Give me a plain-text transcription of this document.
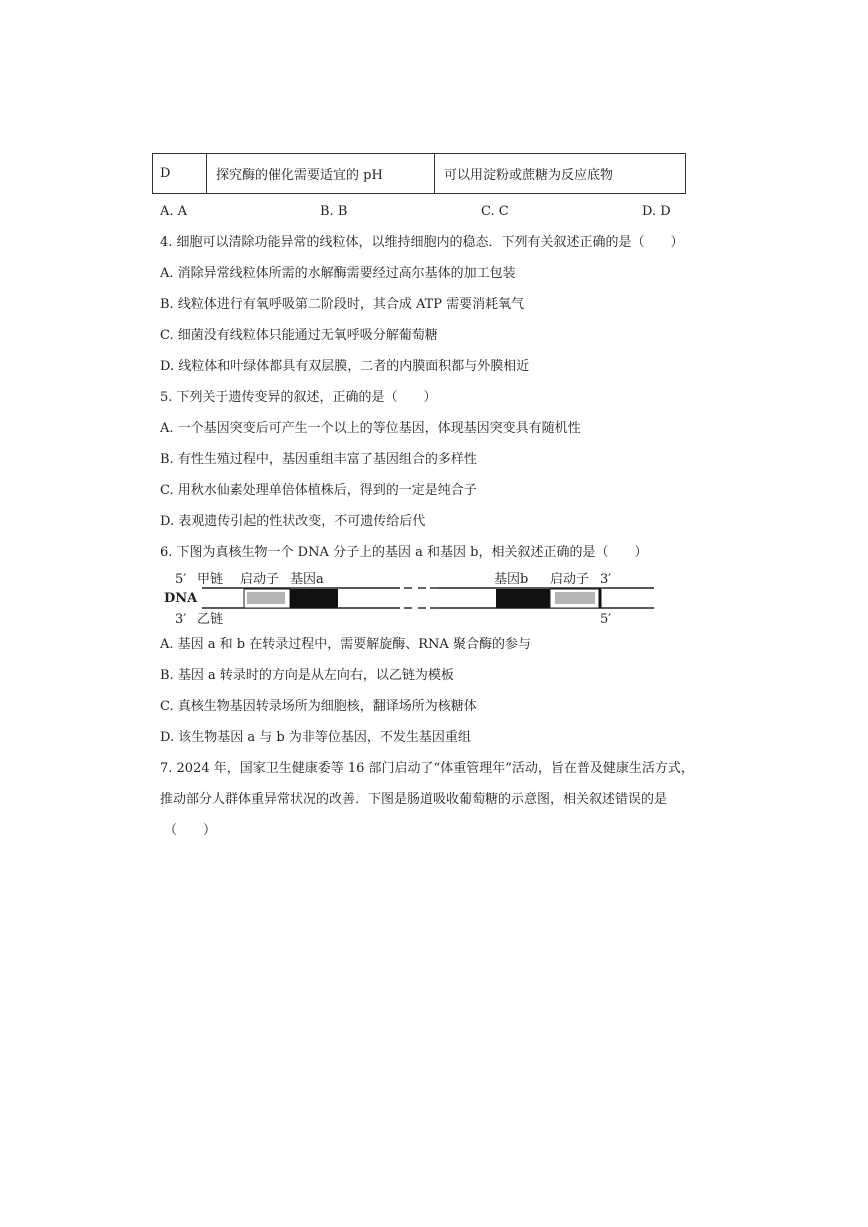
D	探究酶的催化需要适宜的 pH	可以用淀粉或蔗糖为反应底物
A. A	B. B	C. C	D. D
4. 细胞可以清除功能异常的线粒体，以维持细胞内的稳态．下列有关叙述正确的是（　　）
A. 消除异常线粒体所需的水解酶需要经过高尔基体的加工包装
B. 线粒体进行有氧呼吸第二阶段时，其合成 ATP 需要消耗氧气
C. 细菌没有线粒体只能通过无氧呼吸分解葡萄糖
D. 线粒体和叶绿体都具有双层膜，二者的内膜面积都与外膜相近
5. 下列关于遗传变异的叙述，正确的是（　　）
A. 一个基因突变后可产生一个以上的等位基因，体现基因突变具有随机性
B. 有性生殖过程中，基因重组丰富了基因组合的多样性
C. 用秋水仙素处理单倍体植株后，得到的一定是纯合子
D. 表观遗传引起的性状改变，不可遗传给后代
6. 下图为真核生物一个 DNA 分子上的基因 a 和基因 b，相关叙述正确的是（　　）
5′ 甲链 启动子 基因a	基因b 启动子 3′
DNA
3′ 乙链	5′
A. 基因 a 和 b 在转录过程中，需要解旋酶、RNA 聚合酶的参与
B. 基因 a 转录时的方向是从左向右，以乙链为模板
C. 真核生物基因转录场所为细胞核，翻译场所为核糖体
D. 该生物基因 a 与 b 为非等位基因，不发生基因重组
7. 2024 年，国家卫生健康委等 16 部门启动了“体重管理年”活动，旨在普及健康生活方式，
推动部分人群体重异常状况的改善．下图是肠道吸收葡萄糖的示意图，相关叙述错误的是
（　　）
